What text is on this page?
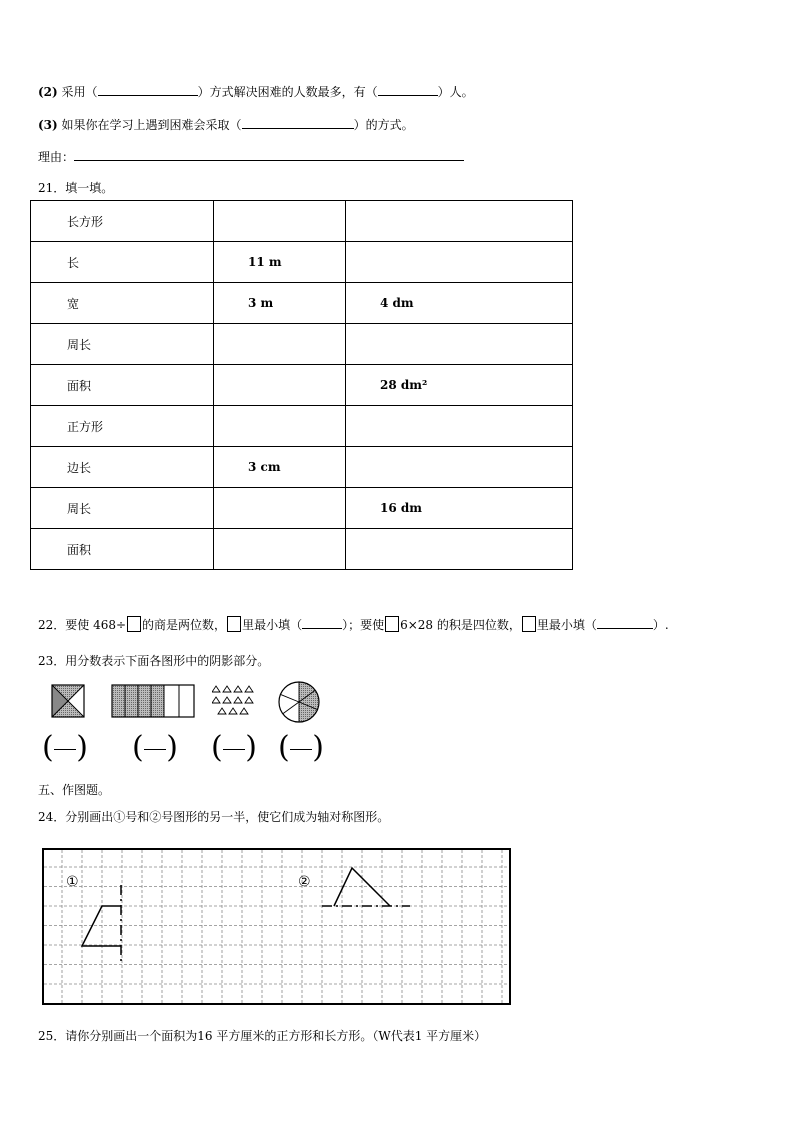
(2) 采用（	）方式解决困难的人数最多，有（	）人。
(3) 如果你在学习上遇到困难会采取（	）的方式。
理由：
21．填一填。
长方形		
长	11 m	
宽	3 m	4 dm
周长		
面积		28 dm²
正方形		
边长	3 cm	
周长		16 dm
面积		
22．要使 468÷ 的商是两位数， 里最小填（	）；要使 6×28 的积是四位数， 里最小填（	）.
23．用分数表示下面各图形中的阴影部分。
( ) ( ) ( ) ( )
五、作图题。
24．分别画出①号和②号图形的另一半，使它们成为轴对称图形。
①	②
25．请你分别画出一个面积为16 平方厘米的正方形和长方形。（W代表1 平方厘米）
